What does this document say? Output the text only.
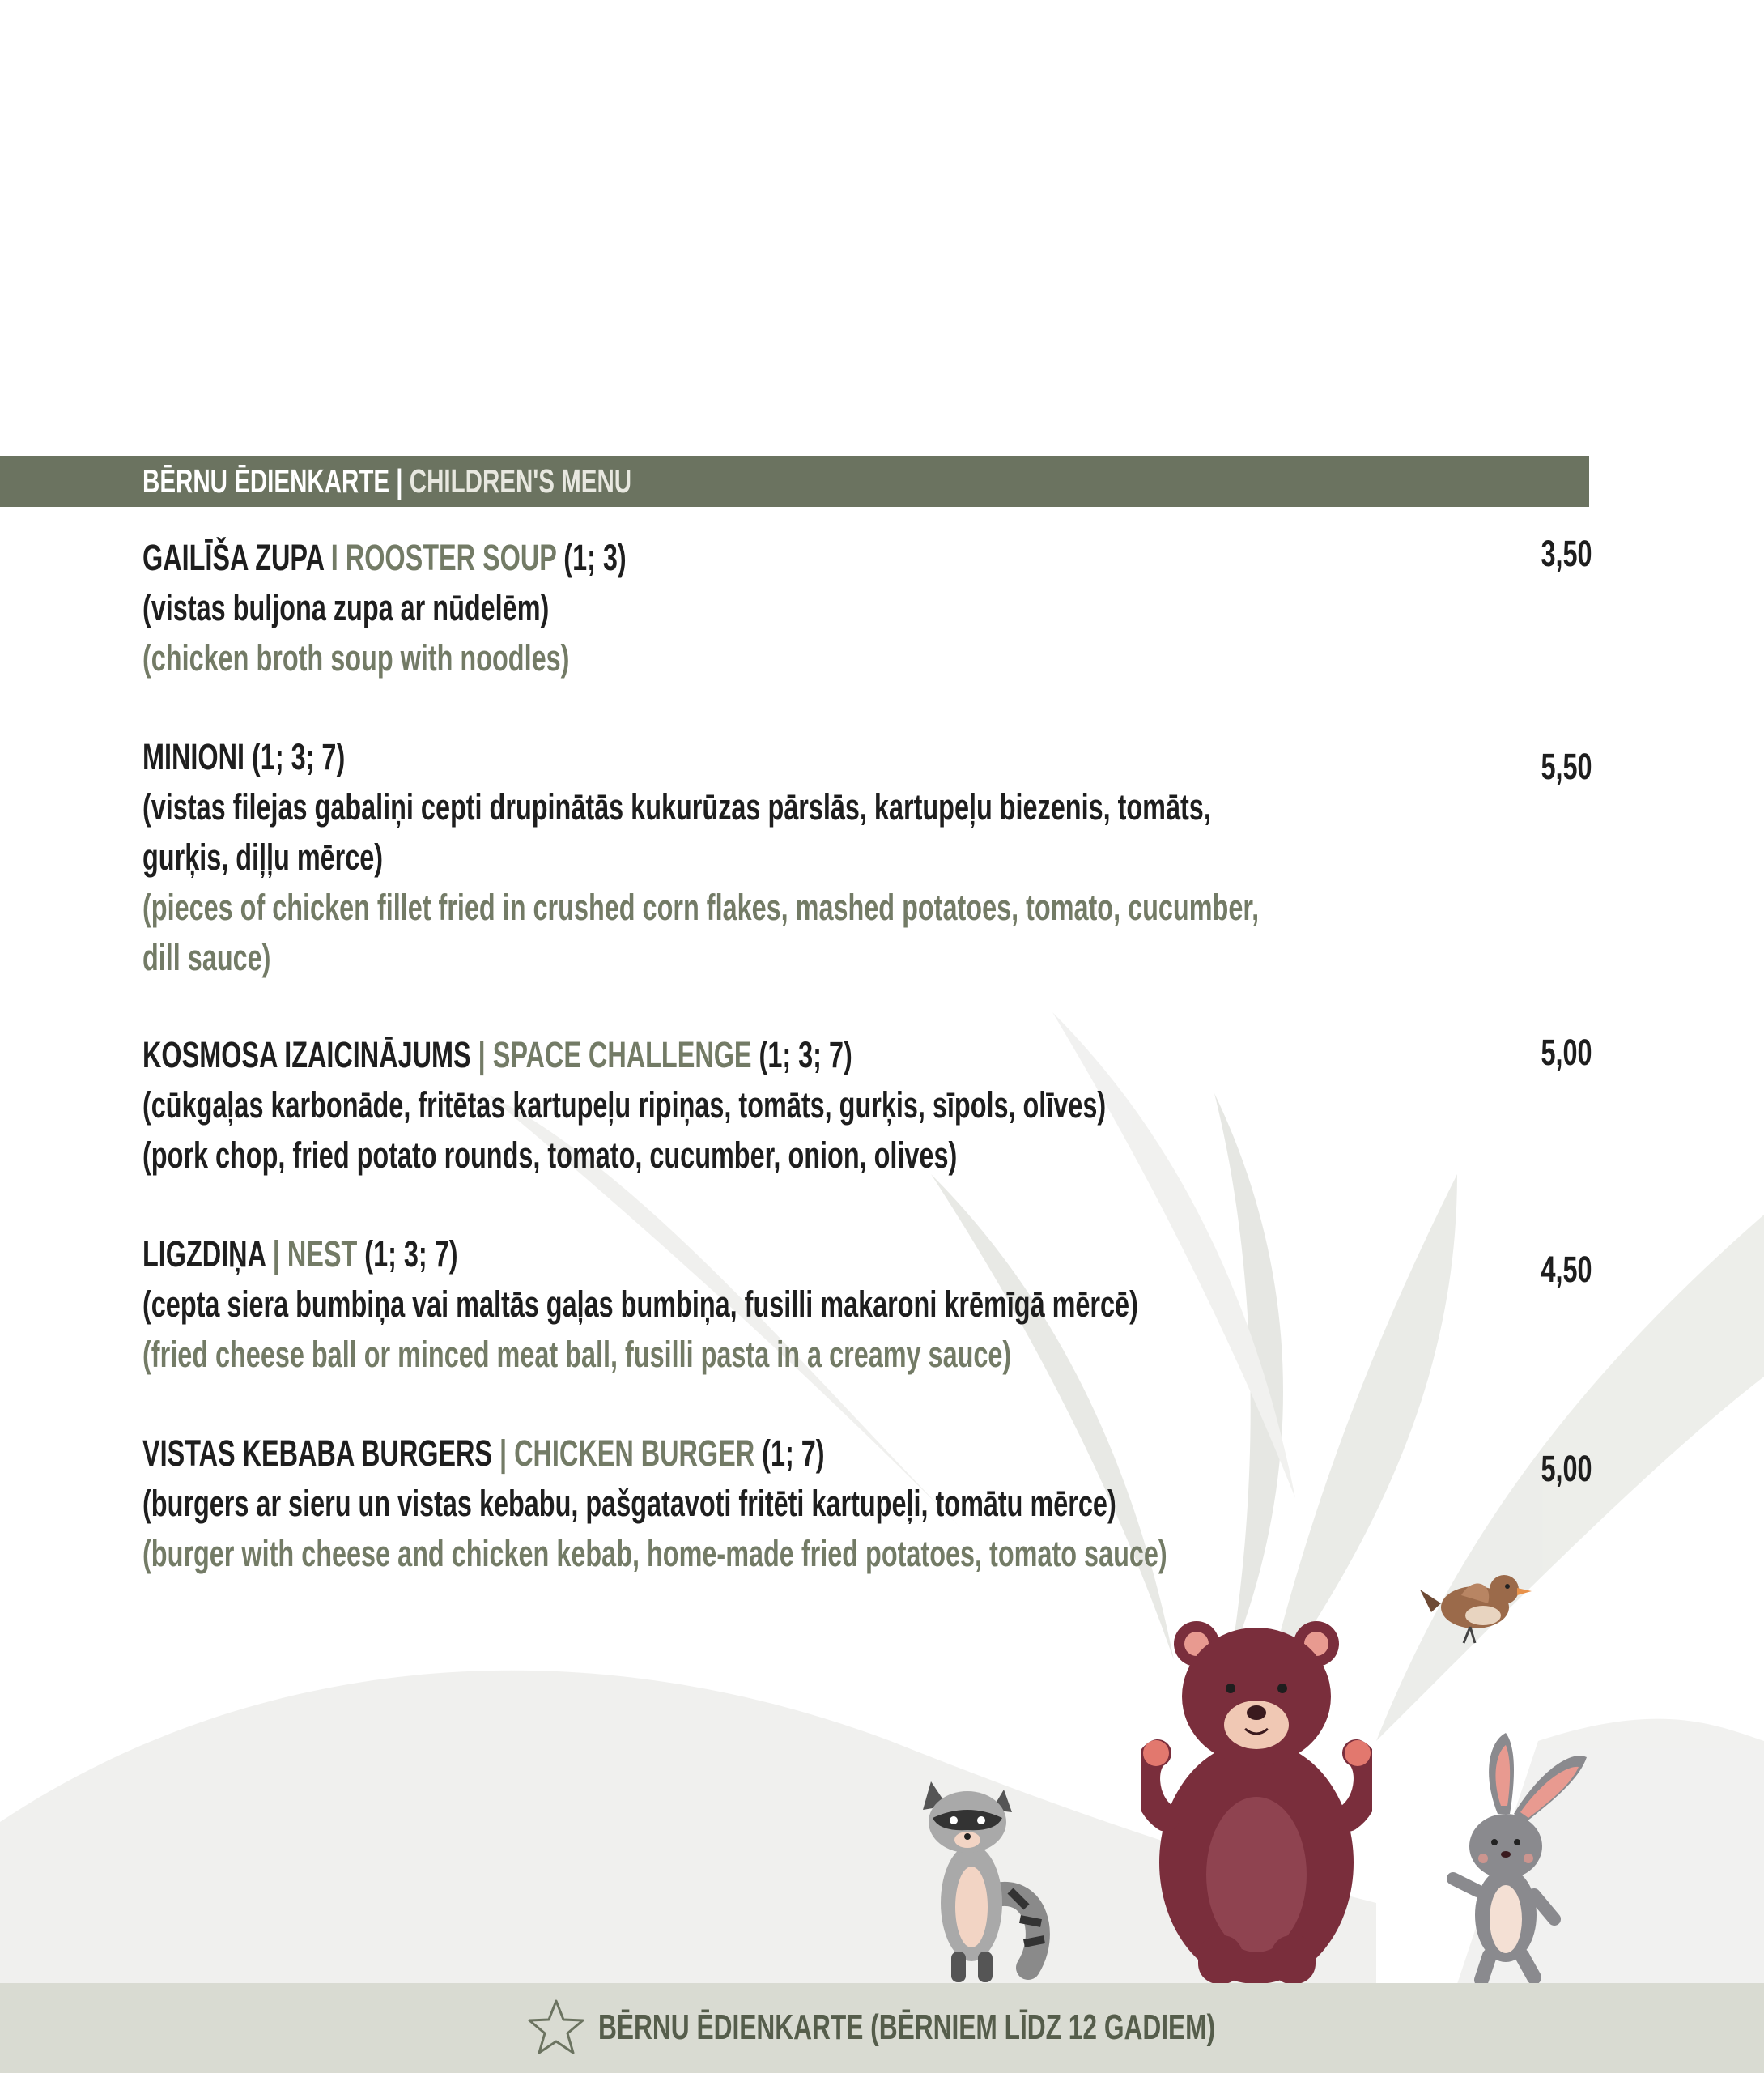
BĒRNU ĒDIENKARTE | CHILDREN'S MENU
GAILĪŠA ZUPA I ROOSTER SOUP (1; 3)
(vistas buljona zupa ar nūdelēm)
(chicken broth soup with noodles)
3,50
MINIONI (1; 3; 7)
(vistas filejas gabaliņi cepti drupinātās kukurūzas pārslās, kartupeļu biezenis, tomāts,
gurķis, diļļu mērce)
(pieces of chicken fillet fried in crushed corn flakes, mashed potatoes, tomato, cucumber,
dill sauce)
5,50
KOSMOSA IZAICINĀJUMS | SPACE CHALLENGE (1; 3; 7)
(cūkgaļas karbonāde, fritētas kartupeļu ripiņas, tomāts, gurķis, sīpols, olīves)
(pork chop, fried potato rounds, tomato, cucumber, onion, olives)
5,00
LIGZDIŅA | NEST (1; 3; 7)
(cepta siera bumbiņa vai maltās gaļas bumbiņa, fusilli makaroni krēmīgā mērcē)
(fried cheese ball or minced meat ball, fusilli pasta in a creamy sauce)
4,50
VISTAS KEBABA BURGERS | CHICKEN BURGER (1; 7)
(burgers ar sieru un vistas kebabu, pašgatavoti fritēti kartupeļi, tomātu mērce)
(burger with cheese and chicken kebab, home-made fried potatoes, tomato sauce)
5,00
BĒRNU ĒDIENKARTE (BĒRNIEM LĪDZ 12 GADIEM)
